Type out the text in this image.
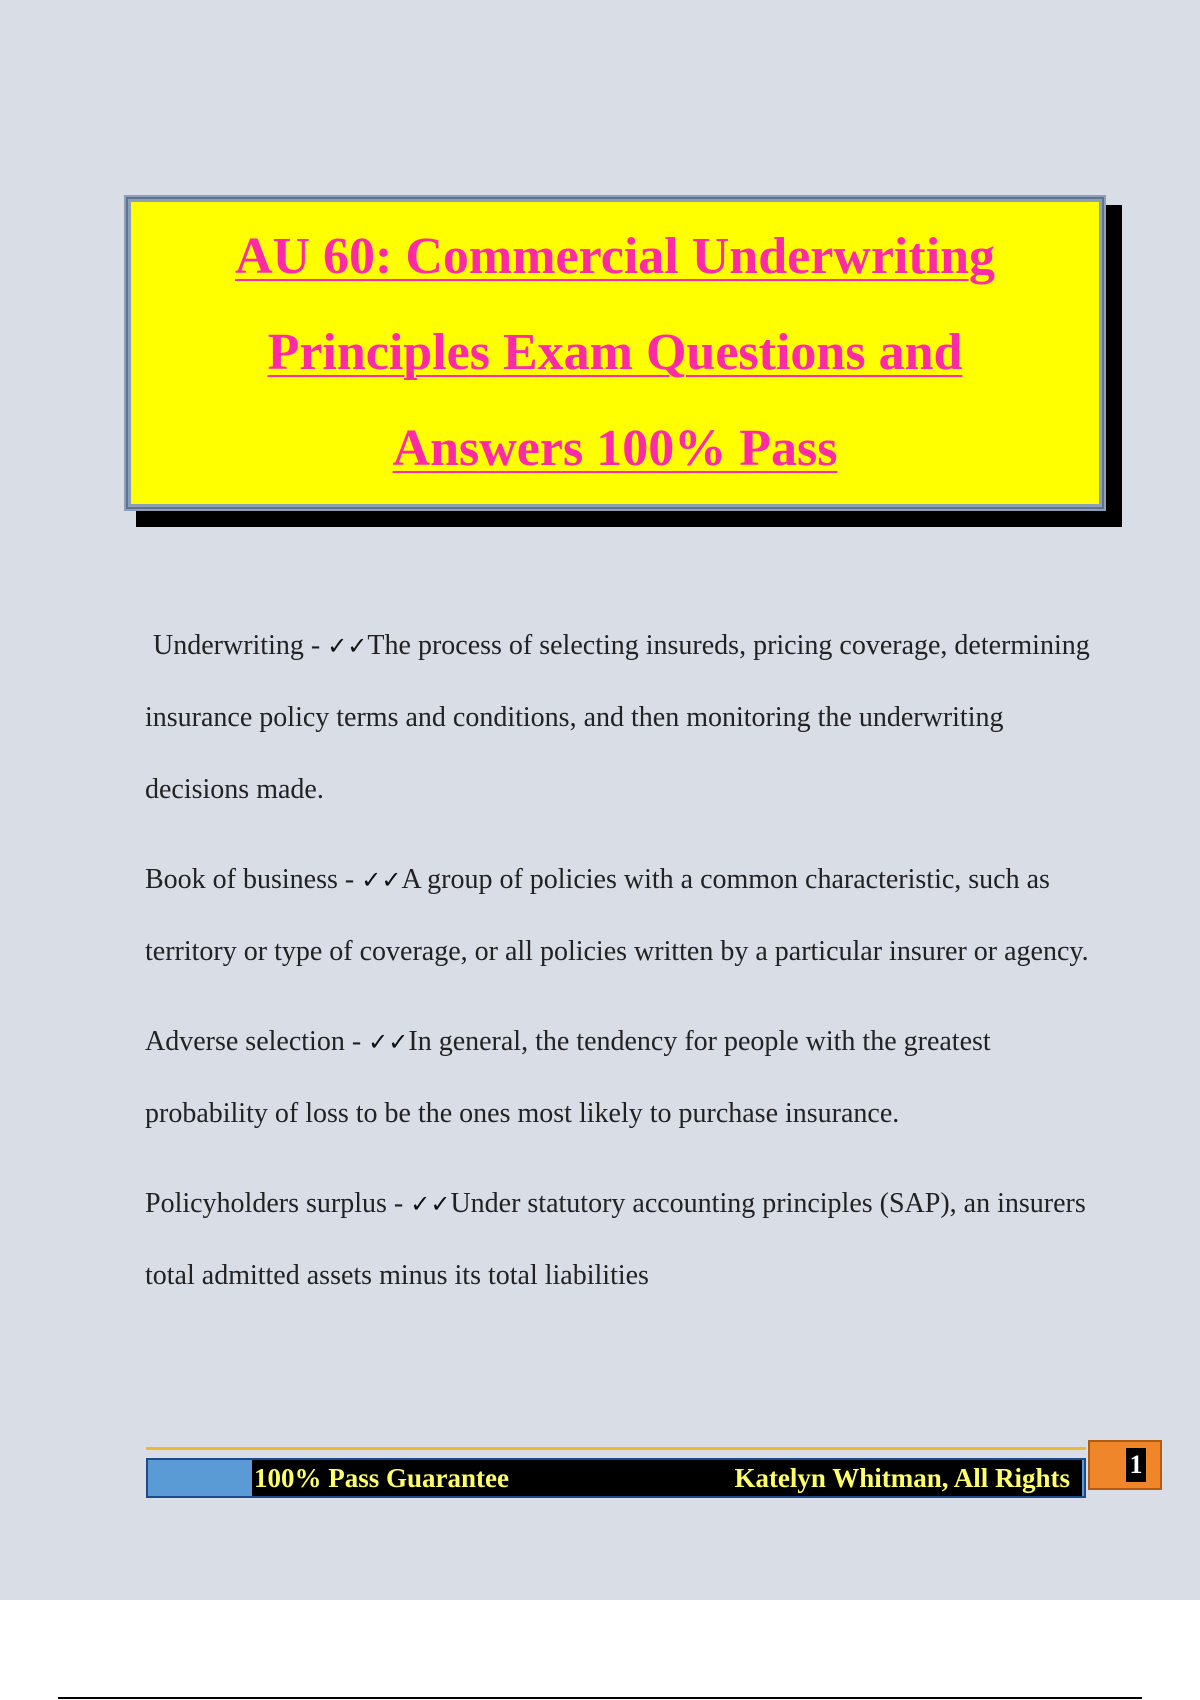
AU 60: Commercial Underwriting Principles Exam Questions and Answers 100% Pass

Underwriting - ✓✓The process of selecting insureds, pricing coverage, determining insurance policy terms and conditions, and then monitoring the underwriting decisions made.

Book of business - ✓✓A group of policies with a common characteristic, such as territory or type of coverage, or all policies written by a particular insurer or agency.

Adverse selection - ✓✓In general, the tendency for people with the greatest probability of loss to be the ones most likely to purchase insurance.

Policyholders surplus - ✓✓Under statutory accounting principles (SAP), an insurers total admitted assets minus its total liabilities

100% Pass Guarantee	Katelyn Whitman, All Rights 1
